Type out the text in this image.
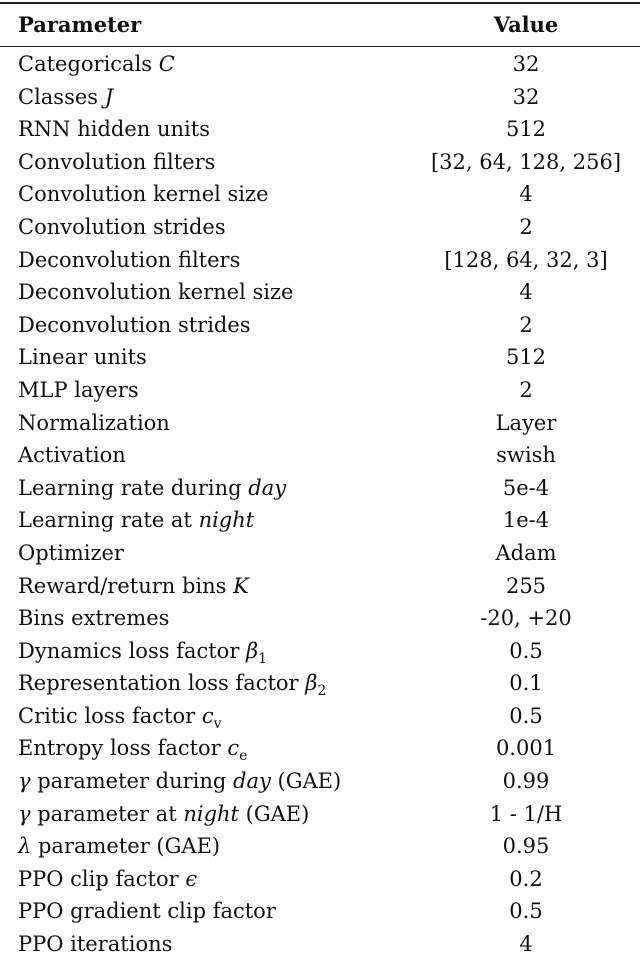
Parameter	Value
Categoricals C	32
Classes J	32
RNN hidden units	512
Convolution filters	[32, 64, 128, 256]
Convolution kernel size	4
Convolution strides	2
Deconvolution filters	[128, 64, 32, 3]
Deconvolution kernel size	4
Deconvolution strides	2
Linear units	512
MLP layers	2
Normalization	Layer
Activation	swish
Learning rate during day	5e-4
Learning rate at night	1e-4
Optimizer	Adam
Reward/return bins K	255
Bins extremes	-20, +20
Dynamics loss factor $\beta_1$	0.5
Representation loss factor $\beta_2$	0.1
Critic loss factor $c_v$	0.5
Entropy loss factor $c_e$	0.001
γ parameter during day (GAE)	0.99
γ parameter at night (GAE)	1 - 1/H
λ parameter (GAE)	0.95
PPO clip factor ϵ	0.2
PPO gradient clip factor	0.5
PPO iterations	4
